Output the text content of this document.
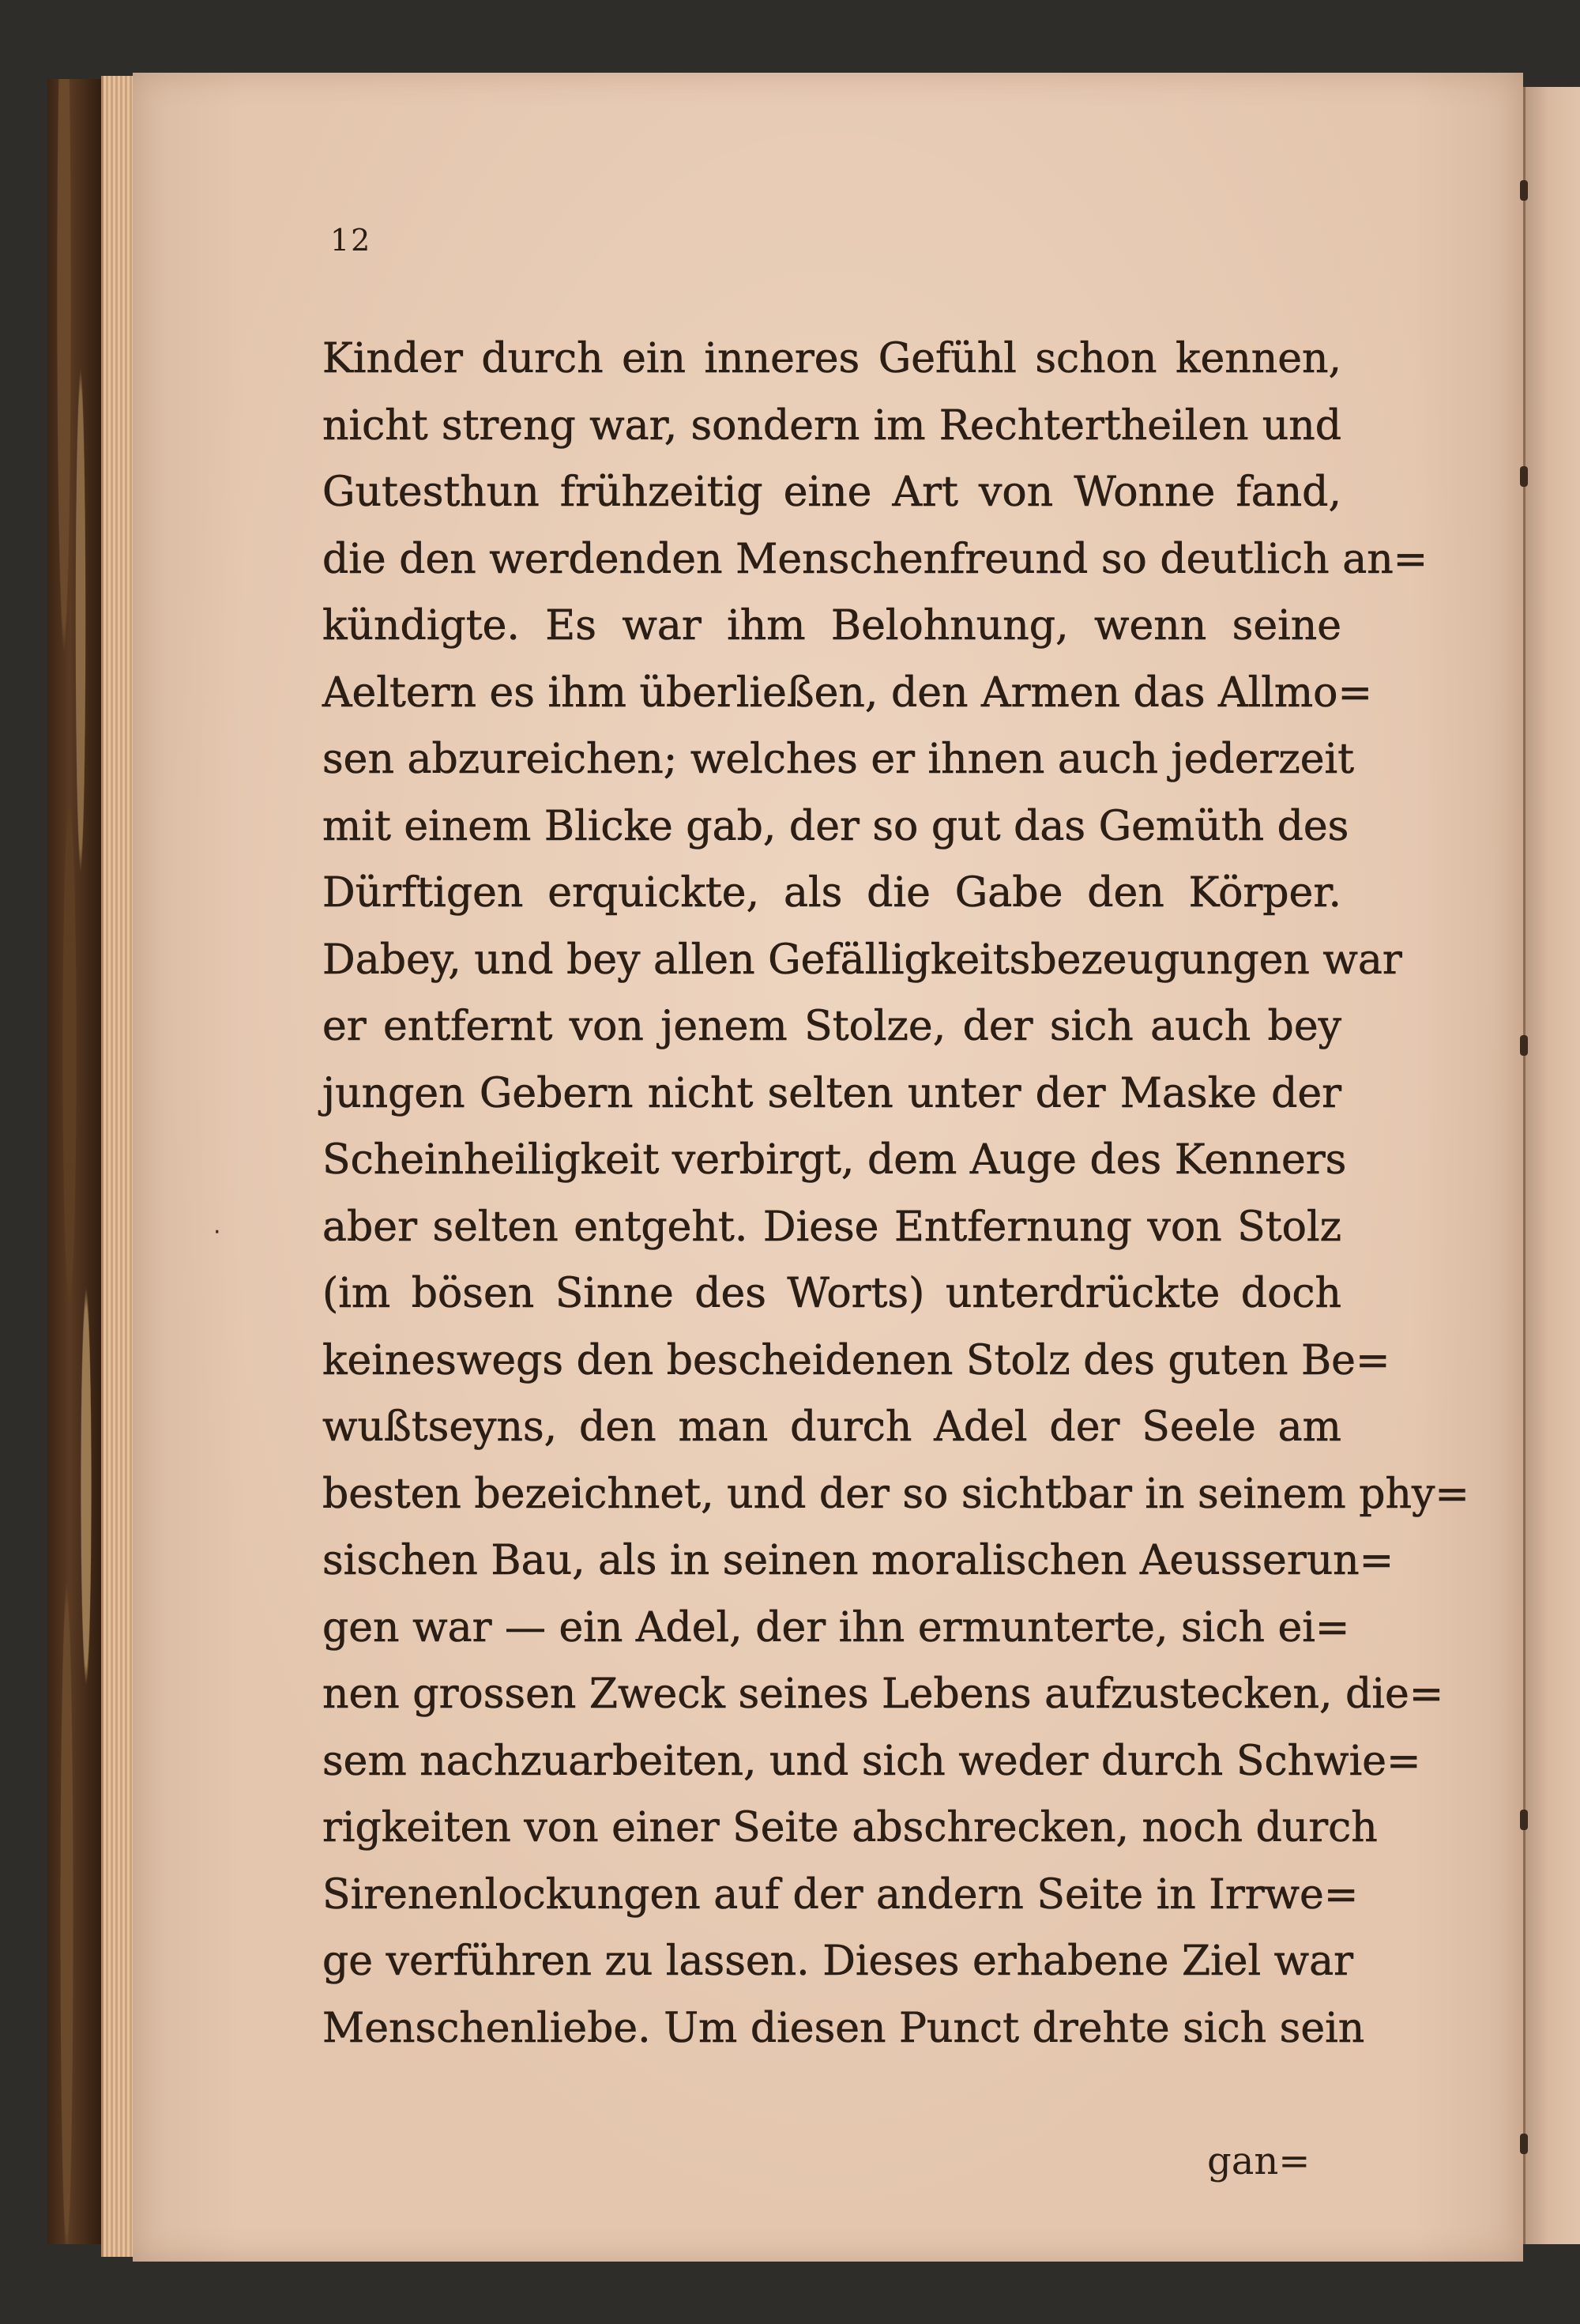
12
·
Kinder durch ein inneres Gefühl schon kennen,
nicht streng war, sondern im Rechtertheilen und
Gutesthun frühzeitig eine Art von Wonne fand,
die den werdenden Menschenfreund so deutlich an=
kündigte. Es war ihm Belohnung, wenn seine
Aeltern es ihm überließen, den Armen das Allmo=
sen abzureichen; welches er ihnen auch jederzeit
mit einem Blicke gab, der so gut das Gemüth des
Dürftigen erquickte, als die Gabe den Körper.
Dabey, und bey allen Gefälligkeitsbezeugungen war
er entfernt von jenem Stolze, der sich auch bey
jungen Gebern nicht selten unter der Maske der
Scheinheiligkeit verbirgt, dem Auge des Kenners
aber selten entgeht. Diese Entfernung von Stolz
(im bösen Sinne des Worts) unterdrückte doch
keineswegs den bescheidenen Stolz des guten Be=
wußtseyns, den man durch Adel der Seele am
besten bezeichnet, und der so sichtbar in seinem phy=
sischen Bau, als in seinen moralischen Aeusserun=
gen war — ein Adel, der ihn ermunterte, sich ei=
nen grossen Zweck seines Lebens aufzustecken, die=
sem nachzuarbeiten, und sich weder durch Schwie=
rigkeiten von einer Seite abschrecken, noch durch
Sirenenlockungen auf der andern Seite in Irrwe=
ge verführen zu lassen. Dieses erhabene Ziel war
Menschenliebe. Um diesen Punct drehte sich sein
gan=
